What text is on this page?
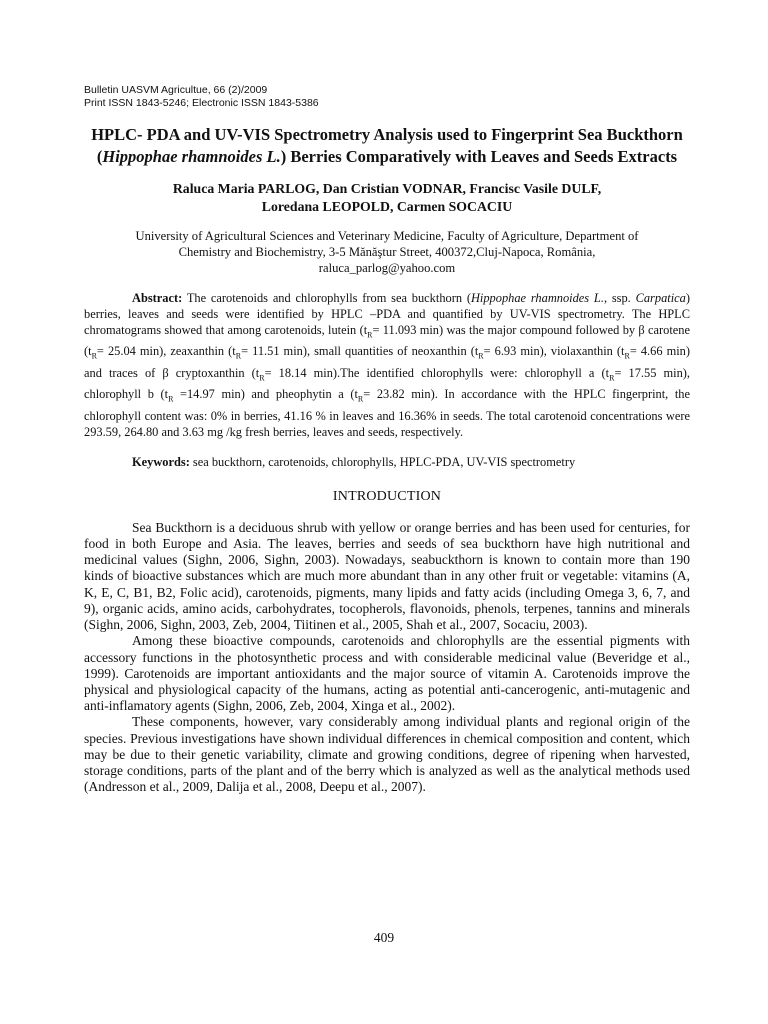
Bulletin UASVM Agricultue, 66 (2)/2009
Print ISSN 1843-5246; Electronic ISSN 1843-5386
HPLC- PDA and UV-VIS Spectrometry Analysis used to Fingerprint Sea Buckthorn (Hippophae rhamnoides L.) Berries Comparatively with Leaves and Seeds Extracts
Raluca Maria PARLOG, Dan Cristian VODNAR, Francisc Vasile DULF,
Loredana LEOPOLD, Carmen SOCACIU
University of Agricultural Sciences and Veterinary Medicine, Faculty of Agriculture, Department of
Chemistry and Biochemistry, 3-5 Mănăştur Street, 400372,Cluj-Napoca, România,
raluca_parlog@yahoo.com

Abstract: The carotenoids and chlorophylls from sea buckthorn (Hippophae rhamnoides L., ssp. Carpatica) berries, leaves and seeds were identified by HPLC –PDA and quantified by UV-VIS spectrometry. The HPLC chromatograms showed that among carotenoids, lutein ($t_R= 11.093$ min) was the major compound followed by β carotene ($t_R= 25.04$ min), zeaxanthin ($t_R= 11.51$ min), small quantities of neoxanthin ($t_R= 6.93$ min), violaxanthin ($t_R= 4.66$ min) and traces of β cryptoxanthin ($t_R= 18.14$ min).The identified chlorophylls were: chlorophyll a ($t_R= 17.55$ min), chlorophyll b ($t_R =14.97$ min) and pheophytin a ($t_R= 23.82$ min). In accordance with the HPLC fingerprint, the chlorophyll content was: 0% in berries, 41.16 % in leaves and 16.36% in seeds. The total carotenoid concentrations were 293.59, 264.80 and 3.63 mg /kg fresh berries, leaves and seeds, respectively.

Keywords: sea buckthorn, carotenoids, chlorophylls, HPLC-PDA, UV-VIS spectrometry
INTRODUCTION

Sea Buckthorn is a deciduous shrub with yellow or orange berries and has been used for centuries, for food in both Europe and Asia. The leaves, berries and seeds of sea buckthorn have high nutritional and medicinal values (Sighn, 2006, Sighn, 2003). Nowadays, seabuckthorn is known to contain more than 190 kinds of bioactive substances which are much more abundant than in any other fruit or vegetable: vitamins (A, K, E, C, B1, B2, Folic acid), carotenoids, pigments, many lipids and fatty acids (including Omega 3, 6, 7, and 9), organic acids, amino acids, carbohydrates, tocopherols, flavonoids, phenols, terpenes, tannins and minerals (Sighn, 2006, Sighn, 2003, Zeb, 2004, Tiitinen et al., 2005, Shah et al., 2007, Socaciu, 2003).

Among these bioactive compounds, carotenoids and chlorophylls are the essential pigments with accessory functions in the photosynthetic process and with considerable medicinal value (Beveridge et al., 1999). Carotenoids are important antioxidants and the major source of vitamin A. Carotenoids improve the physical and physiological capacity of the humans, acting as potential anti-cancerogenic, anti-mutagenic and anti-inflamatory agents (Sighn, 2006, Zeb, 2004, Xinga et al., 2002).

These components, however, vary considerably among individual plants and regional origin of the species. Previous investigations have shown individual differences in chemical composition and content, which may be due to their genetic variability, climate and growing conditions, degree of ripening when harvested, storage conditions, parts of the plant and of the berry which is analyzed as well as the analytical methods used (Andresson et al., 2009, Dalija et al., 2008, Deepu et al., 2007).

409
